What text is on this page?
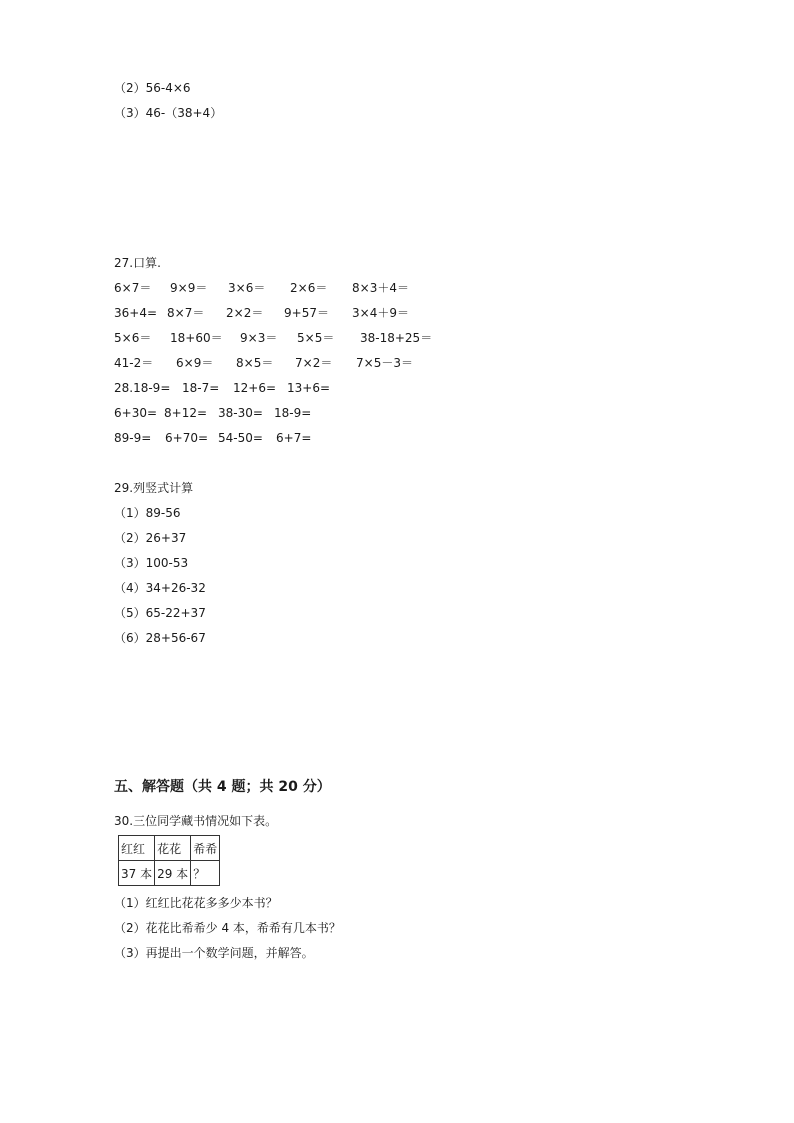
（2）56-4×6
（3）46-（38+4）
27.口算.
6×7＝ 9×9＝ 3×6＝ 2×6＝ 8×3＋4＝
36+4= 8×7＝ 2×2＝ 9+57＝ 3×4＋9＝
5×6＝ 18+60＝ 9×3＝ 5×5＝ 38-18+25＝
41-2＝ 6×9＝ 8×5＝ 7×2＝ 7×5－3＝
28.18-9= 18-7= 12+6= 13+6=
6+30= 8+12= 38-30= 18-9=
89-9= 6+70= 54-50= 6+7=
29.列竖式计算
（1）89-56
（2）26+37
（3）100-53
（4）34+26-32
（5）65-22+37
（6）28+56-67
五、解答题（共 4 题；共 20 分）
30.三位同学藏书情况如下表。
红红	花花	希希
37 本	29 本	？
（1）红红比花花多多少本书？
（2）花花比希希少 4 本，希希有几本书？
（3）再提出一个数学问题，并解答。
